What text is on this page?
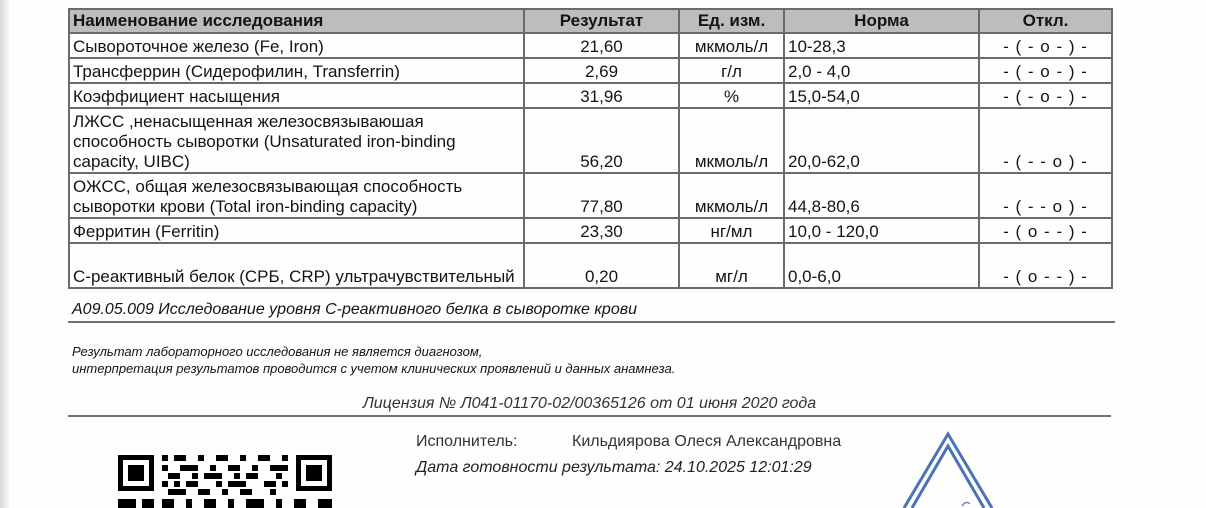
Наименование исследования	Результат	Ед. изм.	Норма	Откл.
Сывороточное железо (Fe, Iron)	21,60	мкмоль/л	10-28,3	- ( - o - ) -
Трансферрин (Сидерофилин, Transferrin)	2,69	г/л	2,0 - 4,0	- ( - o - ) -
Коэффициент насыщения	31,96	%	15,0-54,0	- ( - o - ) -
ЛЖСС ,ненасыщенная железосвязываюшая способность сыворотки (Unsaturated iron-binding capacity, UIBC)	56,20	мкмоль/л	20,0-62,0	- ( - - o ) -
ОЖСС, общая железосвязывающая способность сыворотки крови (Total iron-binding capacity)	77,80	мкмоль/л	44,8-80,6	- ( - - o ) -
Ферритин (Ferritin)	23,30	нг/мл	10,0 - 120,0	- ( o - - ) -
С-реактивный белок (СРБ, CRP) ультрачувствительный	0,20	мг/л	0,0-6,0	- ( o - - ) -
А09.05.009 Исследование уровня С-реактивного белка в сыворотке крови
Результат лабораторного исследования не является диагнозом,
интерпретация результатов проводится с учетом клинических проявлений и данных анамнеза.
Лицензия № Л041-01170-02/00365126 от 01 июня 2020 года
Исполнитель:	Кильдиярова Олеся Александровна
Дата готовности результата: 24.10.2025 12:01:29
